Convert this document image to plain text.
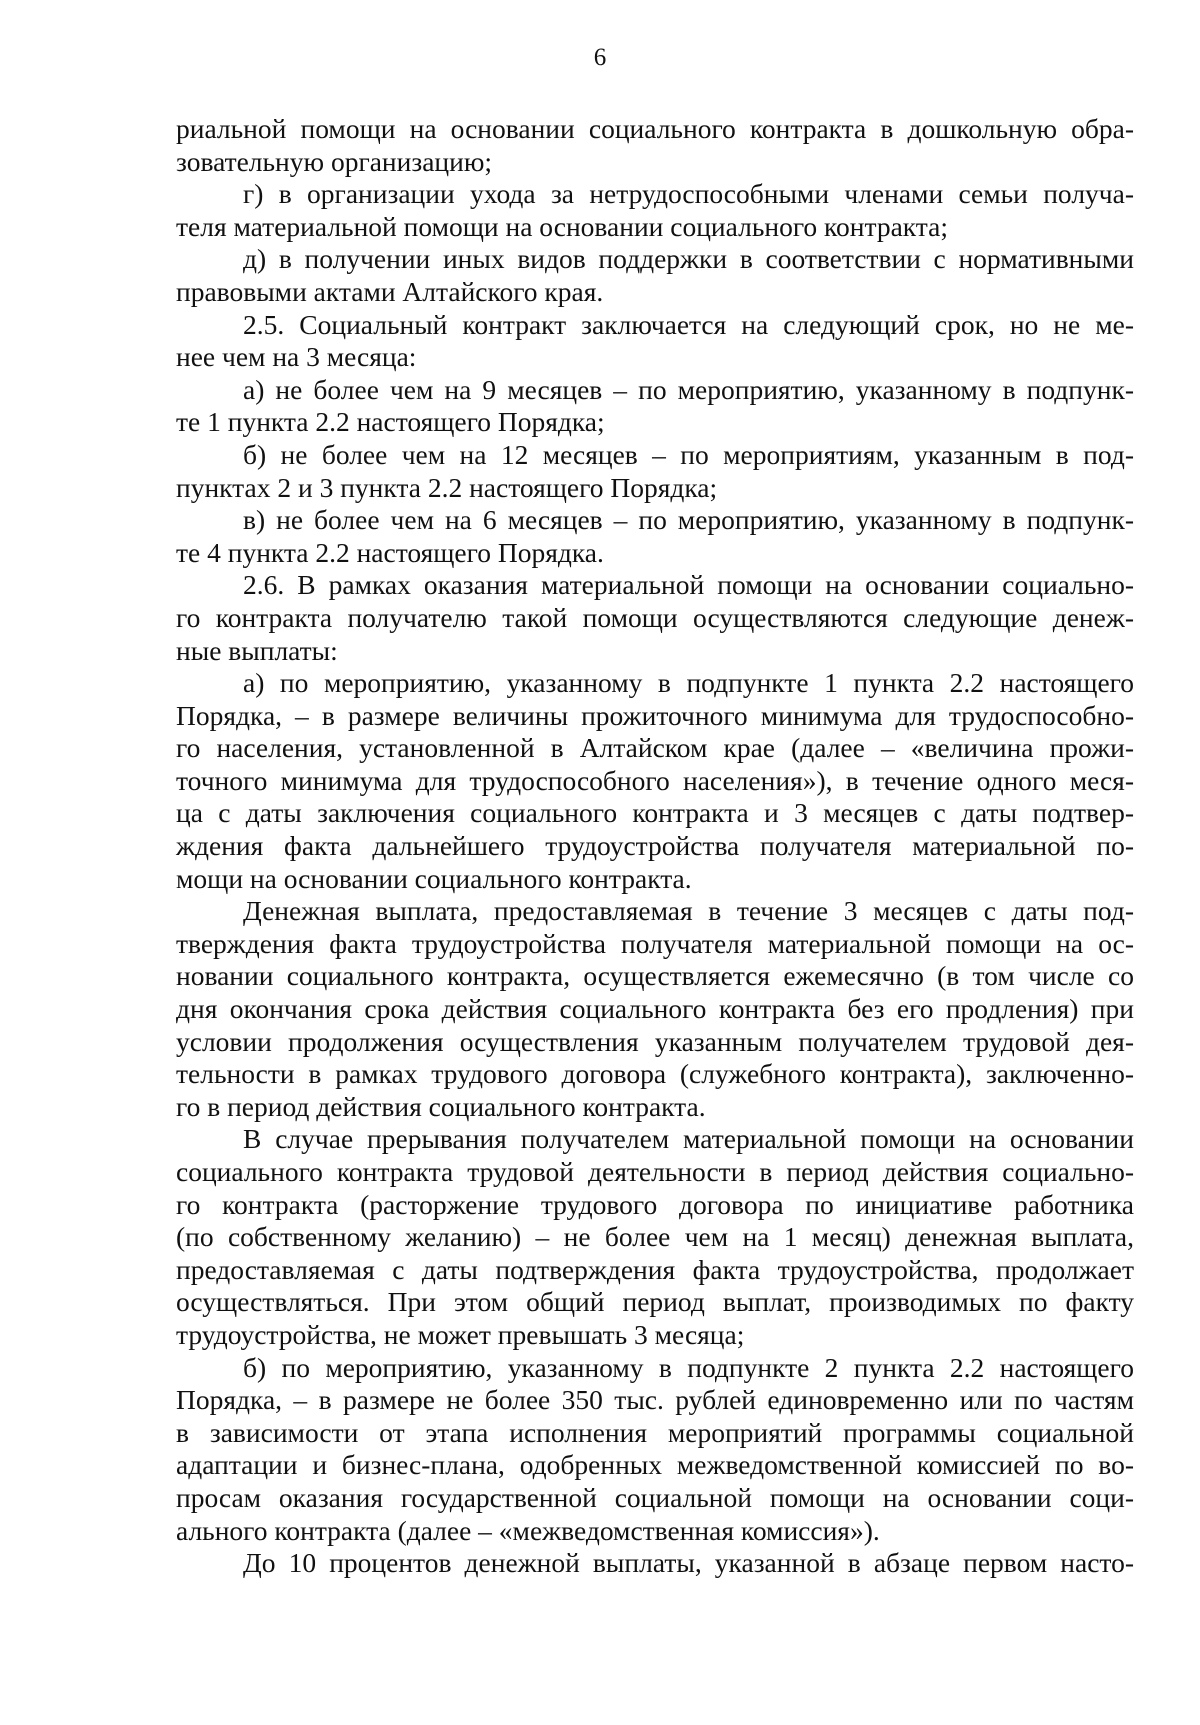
6

риальной помощи на основании социального контракта в дошкольную обра-

зовательную организацию;

г) в организации ухода за нетрудоспособными членами семьи получа-

теля материальной помощи на основании социального контракта;

д) в получении иных видов поддержки в соответствии с нормативными

правовыми актами Алтайского края.

2.5. Социальный контракт заключается на следующий срок, но не ме-

нее чем на 3 месяца:

а) не более чем на 9 месяцев – по мероприятию, указанному в подпунк-

те 1 пункта 2.2 настоящего Порядка;

б) не более чем на 12 месяцев – по мероприятиям, указанным в под-

пунктах 2 и 3 пункта 2.2 настоящего Порядка;

в) не более чем на 6 месяцев – по мероприятию, указанному в подпунк-

те 4 пункта 2.2 настоящего Порядка.

2.6. В рамках оказания материальной помощи на основании социально-

го контракта получателю такой помощи осуществляются следующие денеж-

ные выплаты:

а) по мероприятию, указанному в подпункте 1 пункта 2.2 настоящего

Порядка, – в размере величины прожиточного минимума для трудоспособно-

го населения, установленной в Алтайском крае (далее – «величина прожи-

точного минимума для трудоспособного населения»), в течение одного меся-

ца с даты заключения социального контракта и 3 месяцев с даты подтвер-

ждения факта дальнейшего трудоустройства получателя материальной по-

мощи на основании социального контракта.

Денежная выплата, предоставляемая в течение 3 месяцев с даты под-

тверждения факта трудоустройства получателя материальной помощи на ос-

новании социального контракта, осуществляется ежемесячно (в том числе со

дня окончания срока действия социального контракта без его продления) при

условии продолжения осуществления указанным получателем трудовой дея-

тельности в рамках трудового договора (служебного контракта), заключенно-

го в период действия социального контракта.

В случае прерывания получателем материальной помощи на основании

социального контракта трудовой деятельности в период действия социально-

го контракта (расторжение трудового договора по инициативе работника

(по собственному желанию) – не более чем на 1 месяц) денежная выплата,

предоставляемая с даты подтверждения факта трудоустройства, продолжает

осуществляться. При этом общий период выплат, производимых по факту

трудоустройства, не может превышать 3 месяца;

б) по мероприятию, указанному в подпункте 2 пункта 2.2 настоящего

Порядка, – в размере не более 350 тыс. рублей единовременно или по частям

в зависимости от этапа исполнения мероприятий программы социальной

адаптации и бизнес-плана, одобренных межведомственной комиссией по во-

просам оказания государственной социальной помощи на основании соци-

ального контракта (далее – «межведомственная комиссия»).

До 10 процентов денежной выплаты, указанной в абзаце первом насто-
